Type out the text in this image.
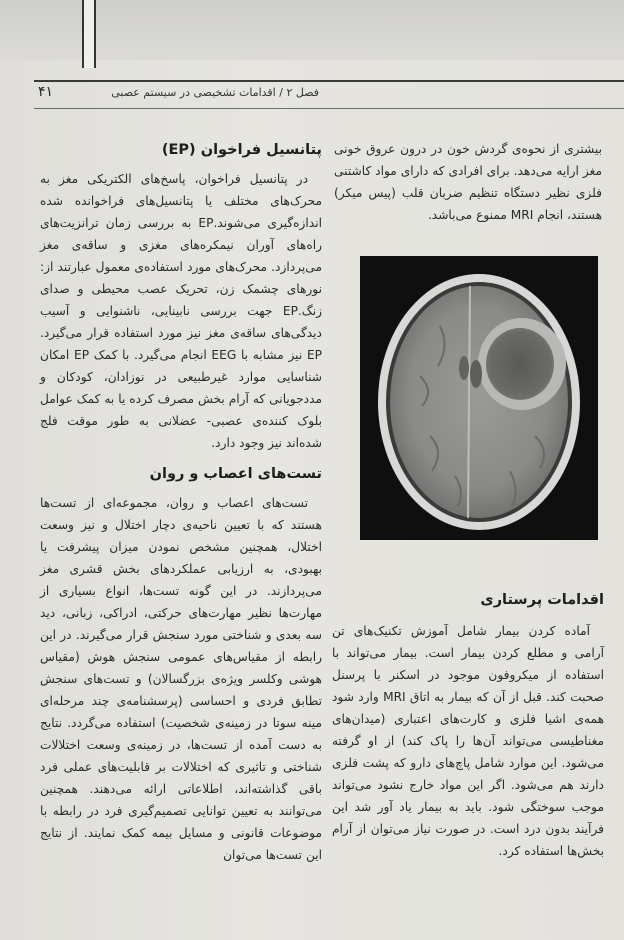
۴۱	فصل ۲ / اقدامات تشخیصی در سیستم عصبی

بیشتری از نحوه‌ی گردش خون در درون عروق خونی مغز ارایه می‌دهد. برای افرادی که دارای مواد کاشتنی فلزی نظیر دستگاه تنظیم ضربان قلب (پیس میکر) هستند، انجام MRI ممنوع می‌باشد.

اقدامات پرستاری

آماده کردن بیمار شامل آموزش تکنیک‌های تن آرامی و مطلع کردن بیمار است. بیمار می‌تواند با استفاده از میکروفون موجود در اسکنر با پرسنل صحبت کند. قبل از آن که بیمار به اتاق MRI وارد شود همه‌ی اشیا فلزی و کارت‌های اعتباری (میدان‌های مغناطیسی می‌تواند آن‌ها را پاک کند) از او گرفته می‌شود. این موارد شامل پاچ‌های دارو که پشت فلزی دارند هم می‌شود. اگر این مواد خارج نشود می‌تواند موجب سوختگی شود. باید به بیمار یاد آور شد این فرآیند بدون درد است. در صورت نیاز می‌توان از آرام بخش‌ها استفاده کرد.

پتانسیل فراخوان (EP)

در پتانسیل فراخوان، پاسخ‌های الکتریکی مغز به محرک‌های مختلف یا پتانسیل‌های فراخوانده شده اندازه‌گیری می‌شوند.EP به بررسی زمان ترانزیت‌های راه‌های آوران نیمکره‌های مغزی و ساقه‌ی مغز می‌پردازد. محرک‌های مورد استفاده‌ی معمول عبارتند از: نورهای چشمک زن، تحریک عصب محیطی و صدای زنگ.EP جهت بررسی نابینایی، ناشنوایی و آسیب دیدگی‌های ساقه‌ی مغز نیز مورد استفاده قرار می‌گیرد. EP نیز مشابه با EEG انجام می‌گیرد. با کمک EP امکان شناسایی موارد غیرطبیعی در نوزادان، کودکان و مددجویانی که آرام بخش مصرف کرده یا به کمک عوامل بلوک کننده‌ی عصبی- عضلانی به طور موقت فلج شده‌اند نیز وجود دارد.

تست‌های اعصاب و روان

تست‌های اعصاب و روان، مجموعه‌ای از تست‌ها هستند که با تعیین ناحیه‌ی دچار اختلال و نیز وسعت اختلال، همچنین مشخص نمودن میزان پیشرفت یا بهبودی، به ارزیابی عملکردهای بخش قشری مغز می‌پردازند. در این گونه تست‌ها، انواع بسیاری از مهارت‌ها نظیر مهارت‌های حرکتی، ادراکی، زبانی، دید سه بعدی و شناختی مورد سنجش قرار می‌گیرند. در این رابطه از مقیاس‌های عمومی سنجش هوش (مقیاس هوشی وکلسر ویژه‌ی بزرگسالان) و تست‌های سنجش تطابق فردی و احساسی (پرسشنامه‌ی چند مرحله‌ای مینه سوتا در زمینه‌ی شخصیت) استفاده می‌گردد. نتایج به دست آمده از تست‌ها، در زمینه‌ی وسعت اختلالات شناختی و تاثیری که اختلالات بر قابلیت‌های عملی فرد باقی گذاشته‌اند، اطلاعاتی ارائه می‌دهند. همچنین می‌توانند به تعیین توانایی تصمیم‌گیری فرد در رابطه با موضوعات قانونی و مسایل بیمه کمک نمایند. از نتایج این تست‌ها می‌توان
